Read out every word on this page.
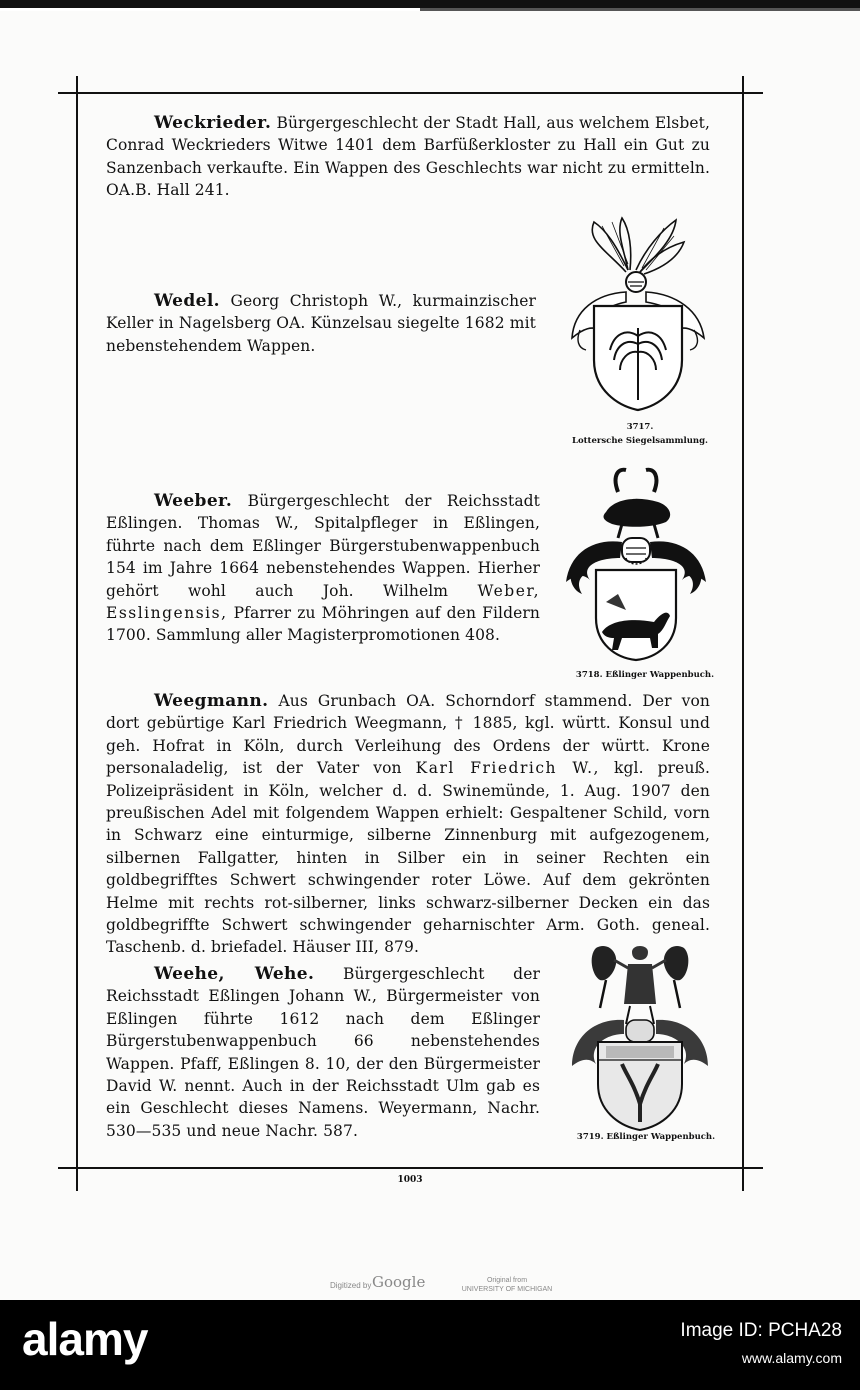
Weckrieder. Bürgergeschlecht der Stadt Hall, aus welchem Elsbet, Conrad Weckrieders Witwe 1401 dem Barfüßerkloster zu Hall ein Gut zu Sanzenbach verkaufte. Ein Wappen des Geschlechts war nicht zu ermitteln. OA.B. Hall 241.
Wedel. Georg Christoph W., kurmainzischer Keller in Nagelsberg OA. Künzelsau siegelte 1682 mit nebenstehendem Wappen.
3717.
Lottersche Siegelsammlung.
Weeber. Bürgergeschlecht der Reichsstadt Eßlingen. Thomas W., Spitalpfleger in Eßlingen, führte nach dem Eßlinger Bürgerstubenwappenbuch 154 im Jahre 1664 nebenstehendes Wappen. Hierher gehört wohl auch Joh. Wilhelm Weber, Esslingensis, Pfarrer zu Möhringen auf den Fildern 1700. Sammlung aller Magisterpromotionen 408.
3718. Eßlinger Wappenbuch.
Weegmann. Aus Grunbach OA. Schorndorf stammend. Der von dort gebürtige Karl Friedrich Weegmann, † 1885, kgl. württ. Konsul und geh. Hofrat in Köln, durch Verleihung des Ordens der württ. Krone personaladelig, ist der Vater von Karl Friedrich W., kgl. preuß. Polizeipräsident in Köln, welcher d. d. Swinemünde, 1. Aug. 1907 den preußischen Adel mit folgendem Wappen erhielt: Gespaltener Schild, vorn in Schwarz eine einturmige, silberne Zinnenburg mit aufgezogenem, silbernen Fallgatter, hinten in Silber ein in seiner Rechten ein goldbegrifftes Schwert schwingender roter Löwe. Auf dem gekrönten Helme mit rechts rot-silberner, links schwarz-silberner Decken ein das goldbegriffte Schwert schwingender geharnischter Arm. Goth. geneal. Taschenb. d. briefadel. Häuser III, 879.
Weehe, Wehe. Bürgergeschlecht der Reichsstadt Eßlingen Johann W., Bürgermeister von Eßlingen führte 1612 nach dem Eßlinger Bürgerstubenwappenbuch 66 nebenstehendes Wappen. Pfaff, Eßlingen 8. 10, der den Bürgermeister David W. nennt. Auch in der Reichsstadt Ulm gab es ein Geschlecht dieses Namens. Weyermann, Nachr. 530—535 und neue Nachr. 587.	3719. Eßlinger Wappenbuch.
1003
Digitized by Google	Original from
UNIVERSITY OF MICHIGAN
alamy	Image ID: PCHA28
www.alamy.com
